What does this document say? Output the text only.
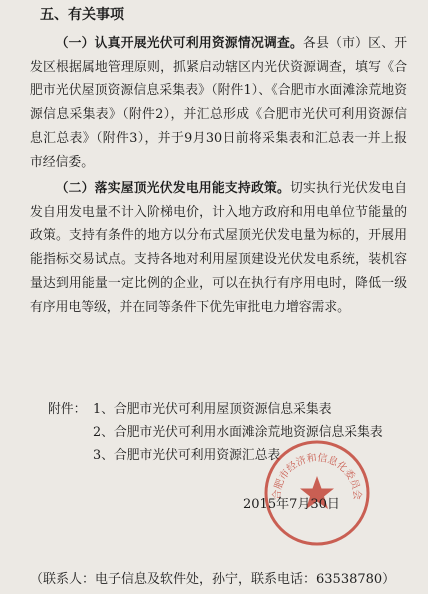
五、有关事项

（一）认真开展光伏可利用资源情况调查。各县（市）区、开发区根据属地管理原则，抓紧启动辖区内光伏资源调查，填写《合肥市光伏屋顶资源信息采集表》（附件1）、《合肥市水面滩涂荒地资源信息采集表》（附件2），并汇总形成《合肥市光伏可利用资源信息汇总表》（附件3），并于9月30日前将采集表和汇总表一并上报市经信委。

（二）落实屋顶光伏发电用能支持政策。切实执行光伏发电自发自用发电量不计入阶梯电价，计入地方政府和用电单位节能量的政策。支持有条件的地方以分布式屋顶光伏发电量为标的，开展用能指标交易试点。支持各地对利用屋顶建设光伏发电系统，装机容量达到用能量一定比例的企业，可以在执行有序用电时，降低一级有序用电等级，并在同等条件下优先审批电力增容需求。

附件： 1、合肥市光伏可利用屋顶资源信息采集表
2、合肥市光伏可利用水面滩涂荒地资源信息采集表
3、合肥市光伏可利用资源汇总表
合肥市经济和信息化委员会
2015年7月30日
（联系人：电子信息及软件处，孙宁，联系电话：63538780）
